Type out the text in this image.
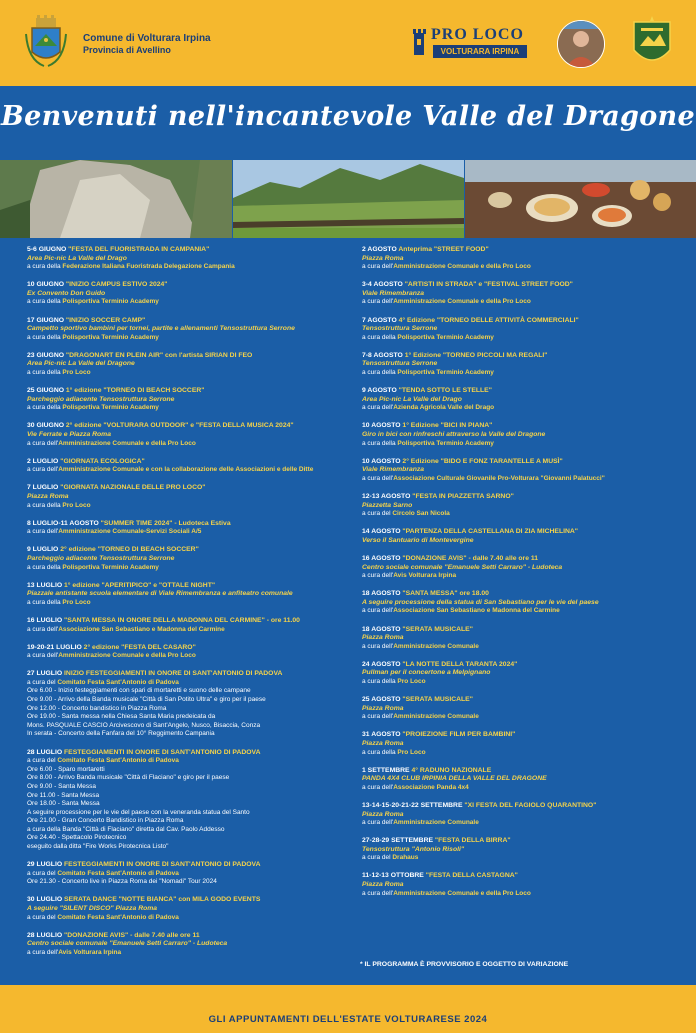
Comune di Volturara Irpina
Provincia di Avellino
PRO LOCO
VOLTURARA IRPINA
Benvenuti nell'incantevole Valle del Dragone
5-6 GIUGNO "FESTA DEL FUORISTRADA IN CAMPANIA"
Area Pic-nic La Valle del Drago
a cura della Federazione Italiana Fuoristrada Delegazione Campania
10 GIUGNO "INIZIO CAMPUS ESTIVO 2024"
Ex Convento Don Guido
a cura della Polisportiva Terminio Academy
17 GIUGNO "INIZIO SOCCER CAMP"
Campetto sportivo bambini per tornei, partite e allenamenti Tensostruttura Serrone
a cura della Polisportiva Terminio Academy
23 GIUGNO "DRAGONART EN PLEIN AIR" con l'artista SIRIAN DI FEO
Area Pic-nic La Valle del Dragone
a cura della Pro Loco
25 GIUGNO 1° edizione "TORNEO DI BEACH SOCCER"
Parcheggio adiacente Tensostruttura Serrone
a cura della Polisportiva Terminio Academy
30 GIUGNO 2° edizione "VOLTURARA OUTDOOR" e "FESTA DELLA MUSICA 2024"
Vie Ferrate e Piazza Roma
a cura dell'Amministrazione Comunale e della Pro Loco
2 LUGLIO "GIORNATA ECOLOGICA"
a cura dell'Amministrazione Comunale e con la collaborazione delle Associazioni e delle Ditte
7 LUGLIO "GIORNATA NAZIONALE DELLE PRO LOCO"
Piazza Roma
a cura della Pro Loco
8 LUGLIO-11 AGOSTO "SUMMER TIME 2024" - Ludoteca Estiva
a cura dell'Amministrazione Comunale-Servizi Sociali A/5
9 LUGLIO 2° edizione "TORNEO DI BEACH SOCCER"
Parcheggio adiacente Tensostruttura Serrone
a cura della Polisportiva Terminio Academy
13 LUGLIO 1° edizione "APERITIPICO" e "OTTALE NIGHT"
Piazzale antistante scuola elementare di Viale Rimembranza e anfiteatro comunale
a cura della Pro Loco
16 LUGLIO "SANTA MESSA IN ONORE DELLA MADONNA DEL CARMINE" - ore 11.00
a cura dell'Associazione San Sebastiano e Madonna del Carmine
19-20-21 LUGLIO 2° edizione "FESTA DEL CASARO"
a cura dell'Amministrazione Comunale e della Pro Loco
27 LUGLIO INIZIO FESTEGGIAMENTI IN ONORE DI SANT'ANTONIO DI PADOVA
a cura del Comitato Festa Sant'Antonio di Padova
Ore 6.00 - Inizio festeggiamenti con spari di mortaretti e suono delle campane
Ore 9.00 - Arrivo della Banda musicale "Città di San Potito Ultra" e giro per il paese
Ore 12.00 - Concerto bandistico in Piazza Roma
Ore 19.00 - Santa messa nella Chiesa Santa Maria predeicata da
Mons. PASQUALE CASCIO Arcivescovo di Sant'Angelo, Nusco, Bisaccia, Conza
In serata - Concerto della Fanfara del 10° Reggimento Campania
28 LUGLIO FESTEGGIAMENTI IN ONORE DI SANT'ANTONIO DI PADOVA
a cura del Comitato Festa Sant'Antonio di Padova
Ore 6.00 - Sparo mortaretti
Ore 8.00 - Arrivo Banda musicale "Città di Flaciano" e giro per il paese
Ore 9.00 - Santa Messa
Ore 11.00 - Santa Messa
Ore 18.00 - Santa Messa
A seguire processione per le vie del paese con la veneranda statua del Santo
Ore 21.00 - Gran Concerto Bandistico in Piazza Roma
a cura della Banda "Città di Flaciano" diretta dal Cav. Paolo Addesso
Ore 24.40 - Spettacolo Pirotecnico
eseguito dalla ditta "Fire Works Pirotecnica Listo"
29 LUGLIO FESTEGGIAMENTI IN ONORE DI SANT'ANTONIO DI PADOVA
a cura del Comitato Festa Sant'Antonio di Padova
Ore 21.30 - Concerto live in Piazza Roma dei "Nomadi" Tour 2024
30 LUGLIO SERATA DANCE "NOTTE BIANCA" con MILA GODO EVENTS
A seguire "SILENT DISCO" Piazza Roma
a cura del Comitato Festa Sant'Antonio di Padova
28 LUGLIO "DONAZIONE AVIS" - dalle 7.40 alle ore 11
Centro sociale comunale "Emanuele Setti Carraro" - Ludoteca
a cura dell'Avis Volturara Irpina
2 AGOSTO Anteprima "STREET FOOD"
Piazza Roma
a cura dell'Amministrazione Comunale e della Pro Loco
3-4 AGOSTO "ARTISTI IN STRADA" e "FESTIVAL STREET FOOD"
Viale Rimembranza
a cura dell'Amministrazione Comunale e della Pro Loco
7 AGOSTO 4° Edizione "TORNEO DELLE ATTIVITÀ COMMERCIALI"
Tensostruttura Serrone
a cura della Polisportiva Terminio Academy
7-8 AGOSTO 1° Edizione "TORNEO PICCOLI MA REGALI"
Tensostruttura Serrone
a cura della Polisportiva Terminio Academy
9 AGOSTO "TENDA SOTTO LE STELLE"
Area Pic-nic La Valle del Drago
a cura dell'Azienda Agricola Valle del Drago
10 AGOSTO 1° Edizione "BICI IN PIANA"
Giro in bici con rinfreschi attraverso la Valle del Dragone
a cura della Polisportiva Terminio Academy
10 AGOSTO 2° Edizione "BIDO E FONZ TARANTELLE A MUSÌ"
Viale Rimembranza
a cura dell'Associazione Culturale Giovanile Pro-Volturara "Giovanni Palatucci"
12-13 AGOSTO "FESTA IN PIAZZETTA SARNO"
Piazzetta Sarno
a cura del Circolo San Nicola
14 AGOSTO "PARTENZA DELLA CASTELLANA DI ZIA MICHELINA"
Verso il Santuario di Montevergine
16 AGOSTO "DONAZIONE AVIS" - dalle 7.40 alle ore 11
Centro sociale comunale "Emanuele Setti Carraro" - Ludoteca
a cura dell'Avis Volturara Irpina
18 AGOSTO "SANTA MESSA" ore 18.00
A seguire processione della statua di San Sebastiano per le vie del paese
a cura dell'Associazione San Sebastiano e Madonna del Carmine
18 AGOSTO "SERATA MUSICALE"
Piazza Roma
a cura dell'Amministrazione Comunale
24 AGOSTO "LA NOTTE DELLA TARANTA 2024"
Pullman per il concertone a Melpignano
a cura della Pro Loco
25 AGOSTO "SERATA MUSICALE"
Piazza Roma
a cura dell'Amministrazione Comunale
31 AGOSTO "PROIEZIONE FILM PER BAMBINI"
Piazza Roma
a cura della Pro Loco
1 SETTEMBRE 4° RADUNO NAZIONALE
PANDA 4X4 CLUB IRPINIA DELLA VALLE DEL DRAGONE
a cura dell'Associazione Panda 4x4
13-14-15-20-21-22 SETTEMBRE "XI FESTA DEL FAGIOLO QUARANTINO"
Piazza Roma
a cura dell'Amministrazione Comunale
27-28-29 SETTEMBRE "FESTA DELLA BIRRA"
Tensostruttura "Antonio Risoli"
a cura del Drahaus
11-12-13 OTTOBRE "FESTA DELLA CASTAGNA"
Piazza Roma
a cura dell'Amministrazione Comunale e della Pro Loco
* IL PROGRAMMA È PROVVISORIO E OGGETTO DI VARIAZIONE
GLI APPUNTAMENTI DELL'ESTATE VOLTURARESE 2024
